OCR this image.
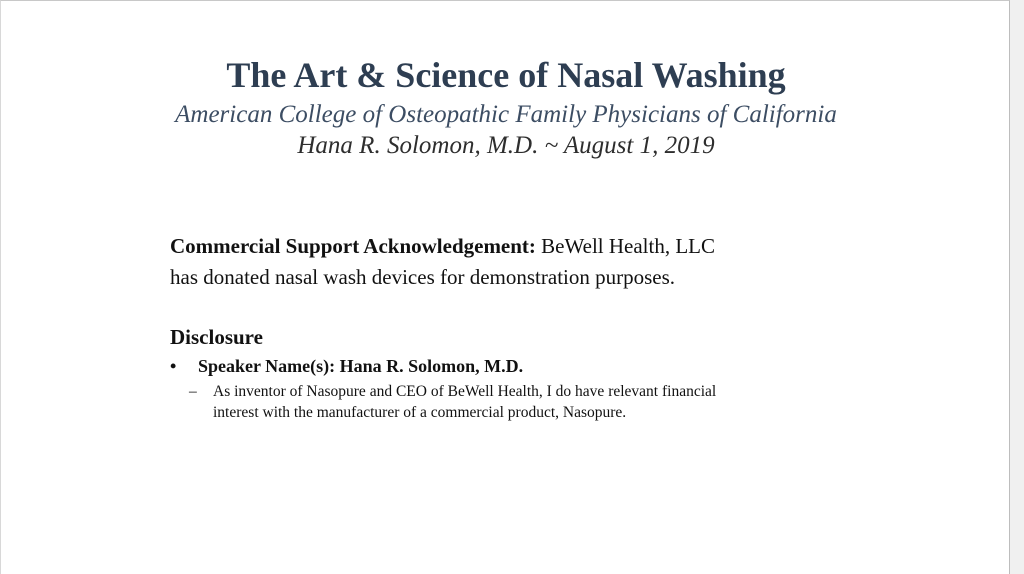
The Art & Science of Nasal Washing
American College of Osteopathic Family Physicians of California
Hana R. Solomon, M.D. ~ August 1, 2019
Commercial Support Acknowledgement: BeWell Health, LLC
has donated nasal wash devices for demonstration purposes.
Disclosure
• Speaker Name(s): Hana R. Solomon, M.D.
– As inventor of Nasopure and CEO of BeWell Health, I do have relevant financial
interest with the manufacturer of a commercial product, Nasopure.
